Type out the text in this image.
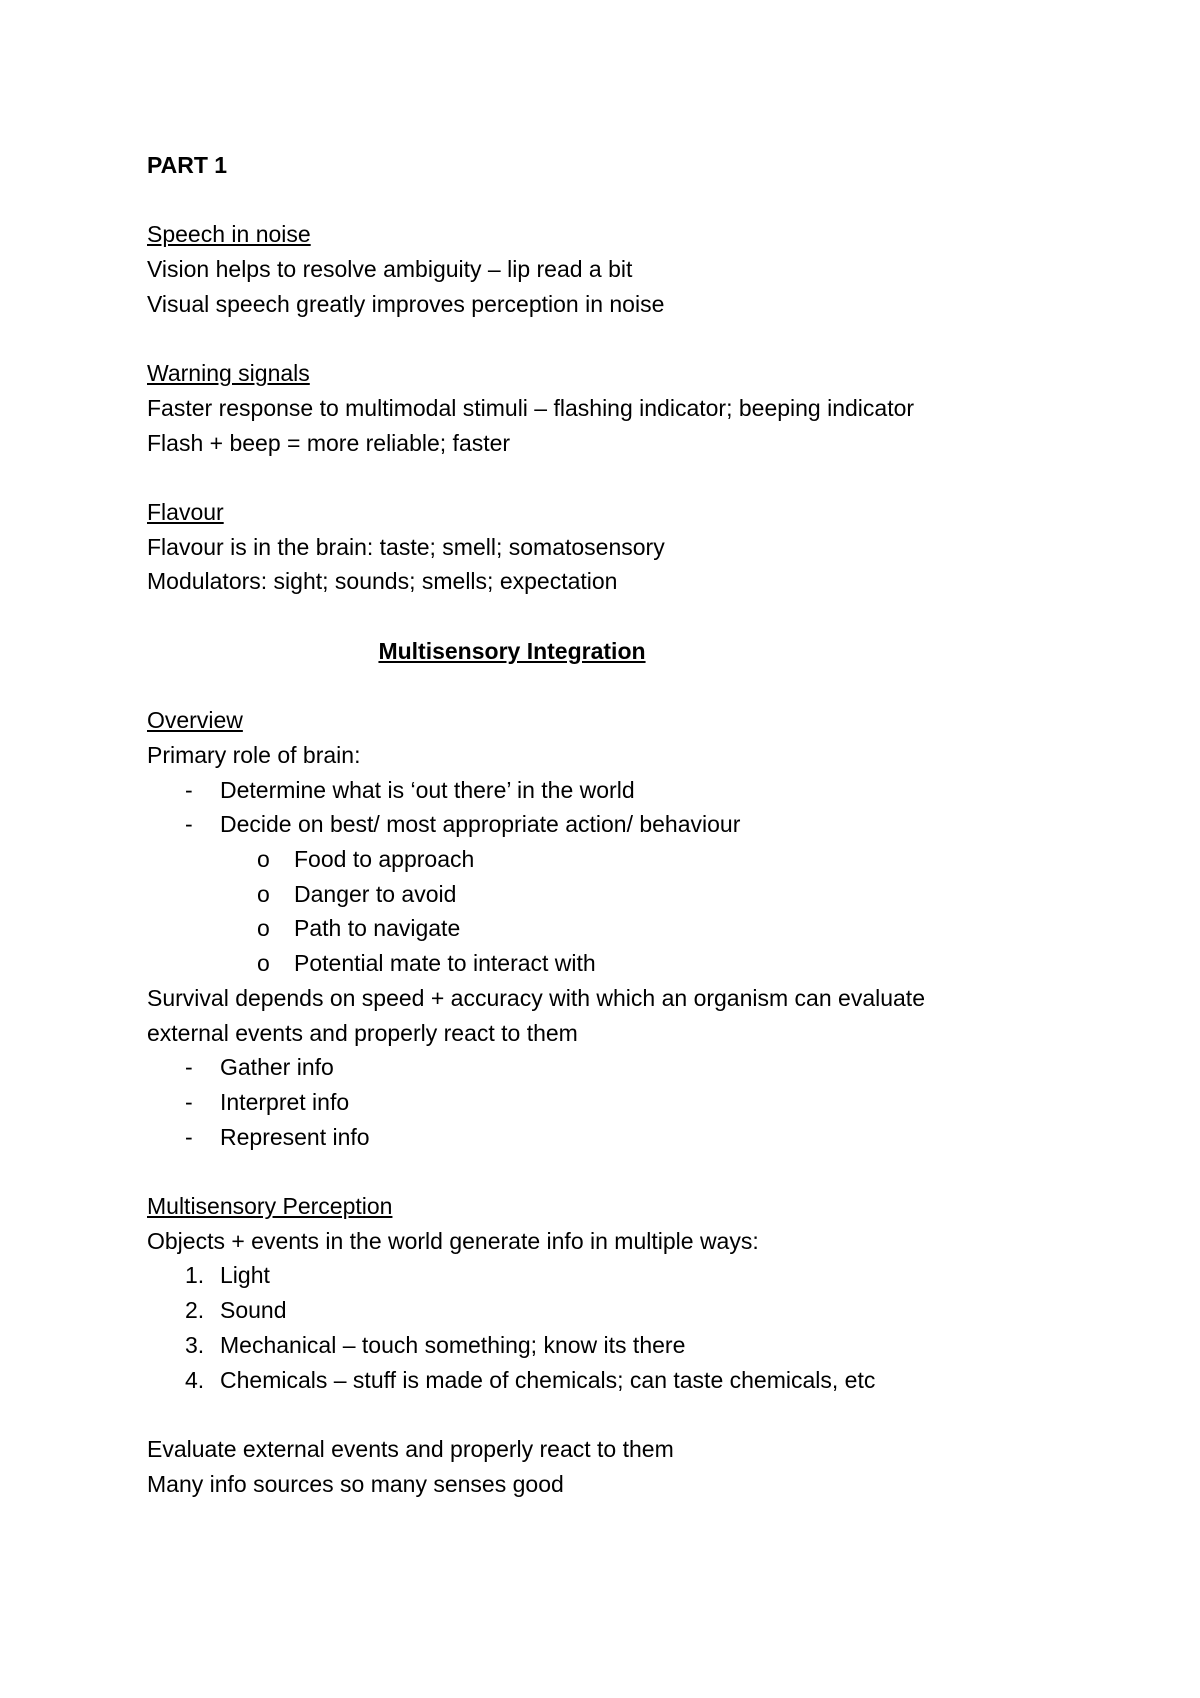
PART 1
Speech in noise
Vision helps to resolve ambiguity – lip read a bit
Visual speech greatly improves perception in noise
Warning signals
Faster response to multimodal stimuli – flashing indicator; beeping indicator
Flash + beep = more reliable; faster
Flavour
Flavour is in the brain: taste; smell; somatosensory
Modulators: sight; sounds; smells; expectation
Multisensory Integration
Overview
Primary role of brain:
- Determine what is ‘out there’ in the world
- Decide on best/ most appropriate action/ behaviour
o Food to approach
o Danger to avoid
o Path to navigate
o Potential mate to interact with
Survival depends on speed + accuracy with which an organism can evaluate
external events and properly react to them
- Gather info
- Interpret info
- Represent info
Multisensory Perception
Objects + events in the world generate info in multiple ways:
1. Light
2. Sound
3. Mechanical – touch something; know its there
4. Chemicals – stuff is made of chemicals; can taste chemicals, etc
Evaluate external events and properly react to them
Many info sources so many senses good
